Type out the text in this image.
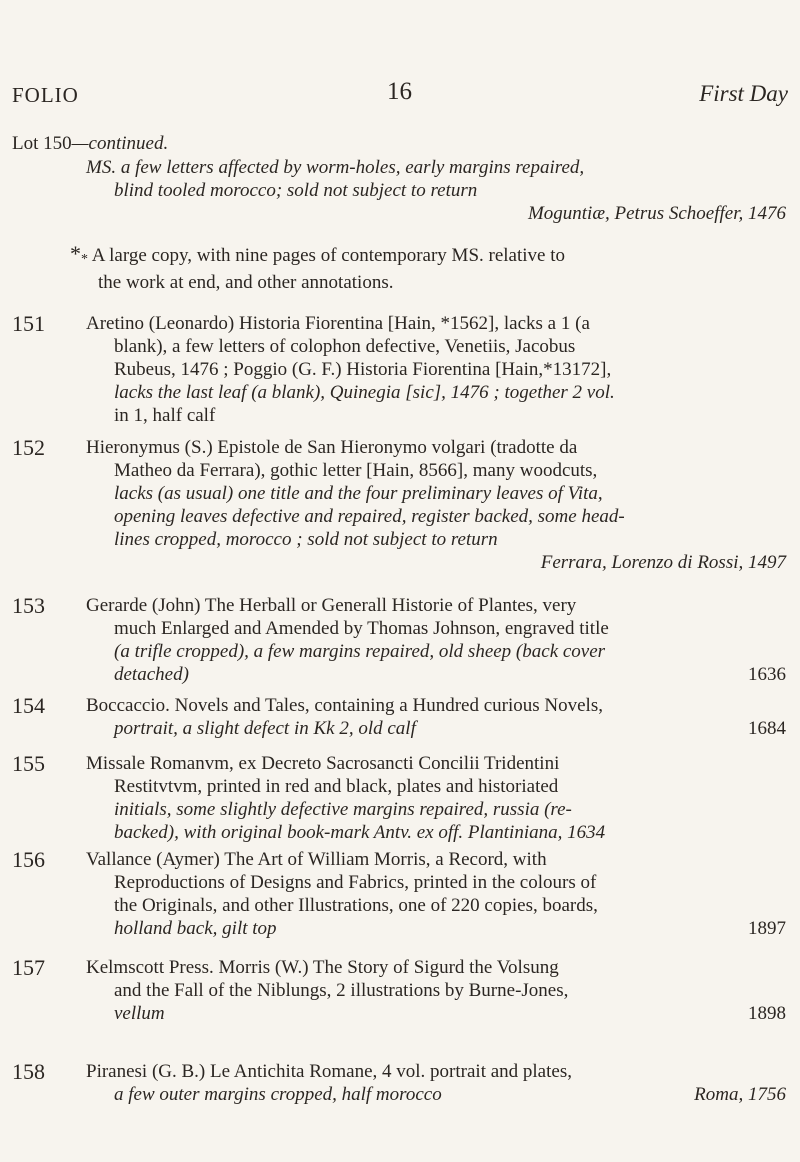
FOLIO	16	First Day
Lot 150—continued.
MS. a few letters affected by worm-holes, early margins repaired,
blind tooled morocco; sold not subject to return
Moguntiæ, Petrus Schoeffer, 1476
** A large copy, with nine pages of contemporary MS. relative to
the work at end, and other annotations.
151	Aretino (Leonardo) Historia Fiorentina [Hain, *1562], lacks a 1 (a
blank), a few letters of colophon defective, Venetiis, Jacobus
Rubeus, 1476 ; Poggio (G. F.) Historia Fiorentina [Hain,*13172],
lacks the last leaf (a blank), Quinegia [sic], 1476 ; together 2 vol.
in 1, half calf
152	Hieronymus (S.) Epistole de San Hieronymo volgari (tradotte da
Matheo da Ferrara), gothic letter [Hain, 8566], many woodcuts,
lacks (as usual) one title and the four preliminary leaves of Vita,
opening leaves defective and repaired, register backed, some head-
lines cropped, morocco ; sold not subject to return
Ferrara, Lorenzo di Rossi, 1497
153	Gerarde (John) The Herball or Generall Historie of Plantes, very
much Enlarged and Amended by Thomas Johnson, engraved title
(a trifle cropped), a few margins repaired, old sheep (back cover
detached)	1636
154	Boccaccio. Novels and Tales, containing a Hundred curious Novels,
portrait, a slight defect in Kk 2, old calf	1684
155	Missale Romanvm, ex Decreto Sacrosancti Concilii Tridentini
Restitvtvm, printed in red and black, plates and historiated
initials, some slightly defective margins repaired, russia (re-
backed), with original book-mark Antv. ex off. Plantiniana, 1634
156	Vallance (Aymer) The Art of William Morris, a Record, with
Reproductions of Designs and Fabrics, printed in the colours of
the Originals, and other Illustrations, one of 220 copies, boards,
holland back, gilt top	1897
157	Kelmscott Press. Morris (W.) The Story of Sigurd the Volsung
and the Fall of the Niblungs, 2 illustrations by Burne-Jones,
vellum	1898
158	Piranesi (G. B.) Le Antichita Romane, 4 vol. portrait and plates,
a few outer margins cropped, half morocco	Roma, 1756
